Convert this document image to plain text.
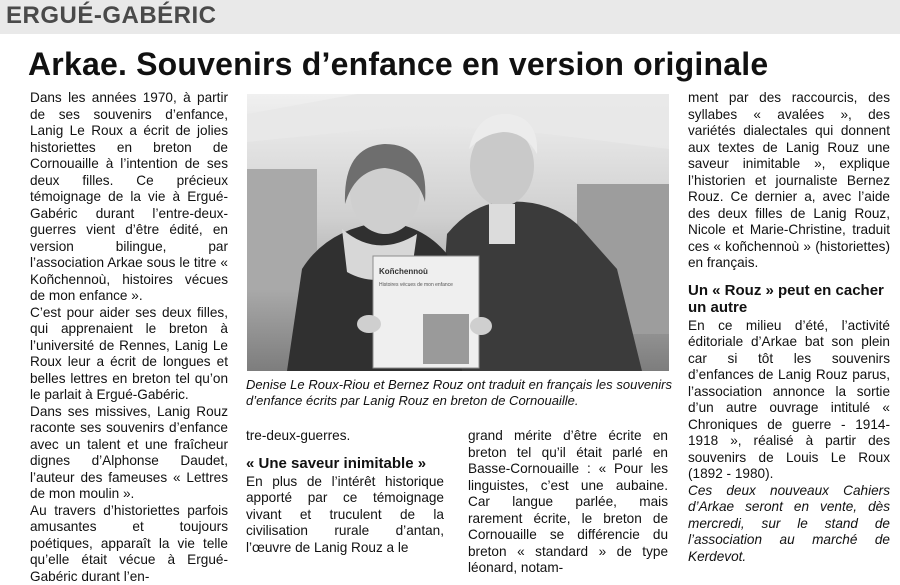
ERGUÉ-GABÉRIC
Arkae. Souvenirs d’enfance en version originale

Dans les années 1970, à partir de ses souvenirs d’enfance, Lanig Le Roux a écrit de jolies historiettes en breton de Cornouaille à l’intention de ses deux filles. Ce précieux témoignage de la vie à Ergué-Gabéric durant l’entre-deux-guerres vient d’être édité, en version bilingue, par l’association Arkae sous le titre « Koñchennoù, histoires vécues de mon enfance ».

C’est pour aider ses deux filles, qui apprenaient le breton à l’université de Rennes, Lanig Le Roux leur a écrit de longues et belles lettres en breton tel qu’on le parlait à Ergué-Gabéric.

Dans ses missives, Lanig Rouz raconte ses souvenirs d’enfance avec un talent et une fraîcheur dignes d’Alphonse Daudet, l’auteur des fameuses « Lettres de mon moulin ».

Au travers d’historiettes parfois amusantes et toujours poétiques, apparaît la vie telle qu’elle était vécue à Ergué-Gabéric durant l’en-

Koñchennoù
Histoires vécues de mon enfance
Denise Le Roux-Riou et Bernez Rouz ont traduit en français les souvenirs d’enfance écrits par Lanig Rouz en breton de Cornouaille.

tre-deux-guerres.

« Une saveur inimitable »

En plus de l’intérêt historique apporté par ce témoignage vivant et truculent de la civilisation rurale d’antan, l’œuvre de Lanig Rouz a le

grand mérite d’être écrite en breton tel qu’il était parlé en Basse-Cornouaille : « Pour les linguistes, c’est une aubaine. Car langue parlée, mais rarement écrite, le breton de Cornouaille se différencie du breton « standard » de type léonard, notam-

ment par des raccourcis, des syllabes « avalées », des variétés dialectales qui donnent aux textes de Lanig Rouz une saveur inimitable », explique l’historien et journaliste Bernez Rouz. Ce dernier a, avec l’aide des deux filles de Lanig Rouz, Nicole et Marie-Christine, traduit ces « koñchennoù » (historiettes) en français.

Un « Rouz » peut en cacher un autre

En ce milieu d’été, l’activité éditoriale d’Arkae bat son plein car si tôt les souvenirs d’enfances de Lanig Rouz parus, l’association annonce la sortie d’un autre ouvrage intitulé « Chroniques de guerre - 1914-1918 », réalisé à partir des souvenirs de Louis Le Roux (1892 - 1980).

Ces deux nouveaux Cahiers d’Arkae seront en vente, dès mercredi, sur le stand de l’association au marché de Kerdevot.
